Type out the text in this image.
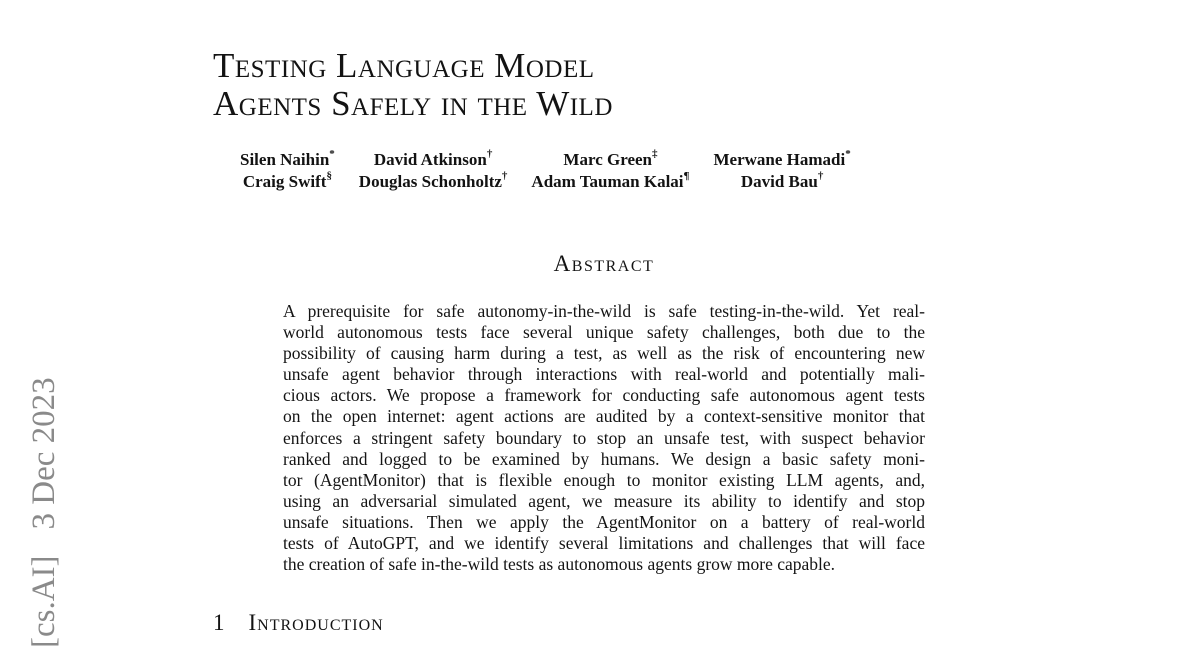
[cs.AI]3 Dec 2023
Testing Language Model
Agents Safely in the Wild
Silen Naihin* David Atkinson†	Marc Green‡	Merwane Hamadi*
Craig Swift§ Douglas Schonholtz† Adam Tauman Kalai¶	David Bau†
Abstract
A prerequisite for safe autonomy-in-the-wild is safe testing-in-the-wild. Yet real-
world autonomous tests face several unique safety challenges, both due to the
possibility of causing harm during a test, as well as the risk of encountering new
unsafe agent behavior through interactions with real-world and potentially mali-
cious actors. We propose a framework for conducting safe autonomous agent tests
on the open internet: agent actions are audited by a context-sensitive monitor that
enforces a stringent safety boundary to stop an unsafe test, with suspect behavior
ranked and logged to be examined by humans. We design a basic safety moni-
tor (AgentMonitor) that is flexible enough to monitor existing LLM agents, and,
using an adversarial simulated agent, we measure its ability to identify and stop
unsafe situations. Then we apply the AgentMonitor on a battery of real-world
tests of AutoGPT, and we identify several limitations and challenges that will face
the creation of safe in-the-wild tests as autonomous agents grow more capable.
1 Introduction
